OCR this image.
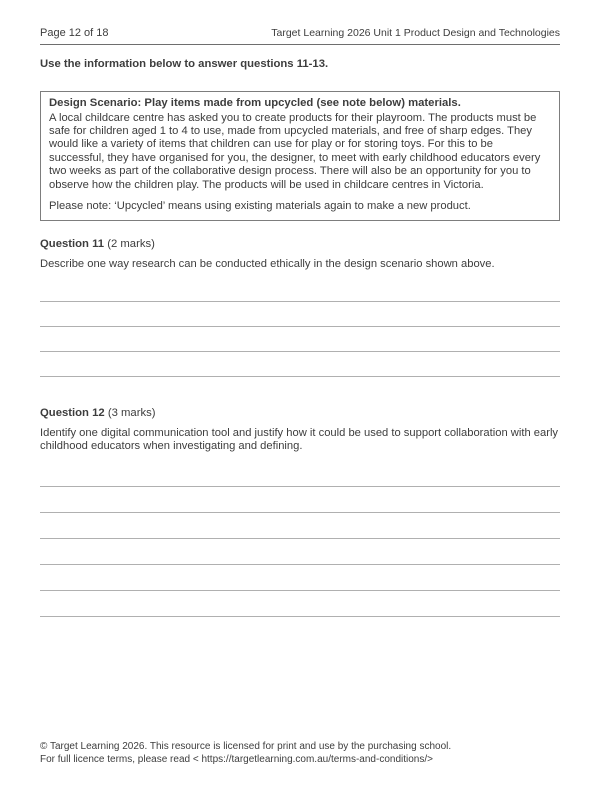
Page 12 of 18	Target Learning 2026 Unit 1 Product Design and Technologies
Use the information below to answer questions 11-13.
Design Scenario: Play items made from upcycled (see note below) materials.
A local childcare centre has asked you to create products for their playroom. The products must be safe for children aged 1 to 4 to use, made from upcycled materials, and free of sharp edges. They would like a variety of items that children can use for play or for storing toys. For this to be successful, they have organised for you, the designer, to meet with early childhood educators every two weeks as part of the collaborative design process. There will also be an opportunity for you to observe how the children play. The products will be used in childcare centres in Victoria.
Please note: ‘Upcycled’ means using existing materials again to make a new product.
Question 11 (2 marks)
Describe one way research can be conducted ethically in the design scenario shown above.
Question 12 (3 marks)
Identify one digital communication tool and justify how it could be used to support collaboration with early childhood educators when investigating and defining.
© Target Learning 2026. This resource is licensed for print and use by the purchasing school.
For full licence terms, please read < https://targetlearning.com.au/terms-and-conditions/>
